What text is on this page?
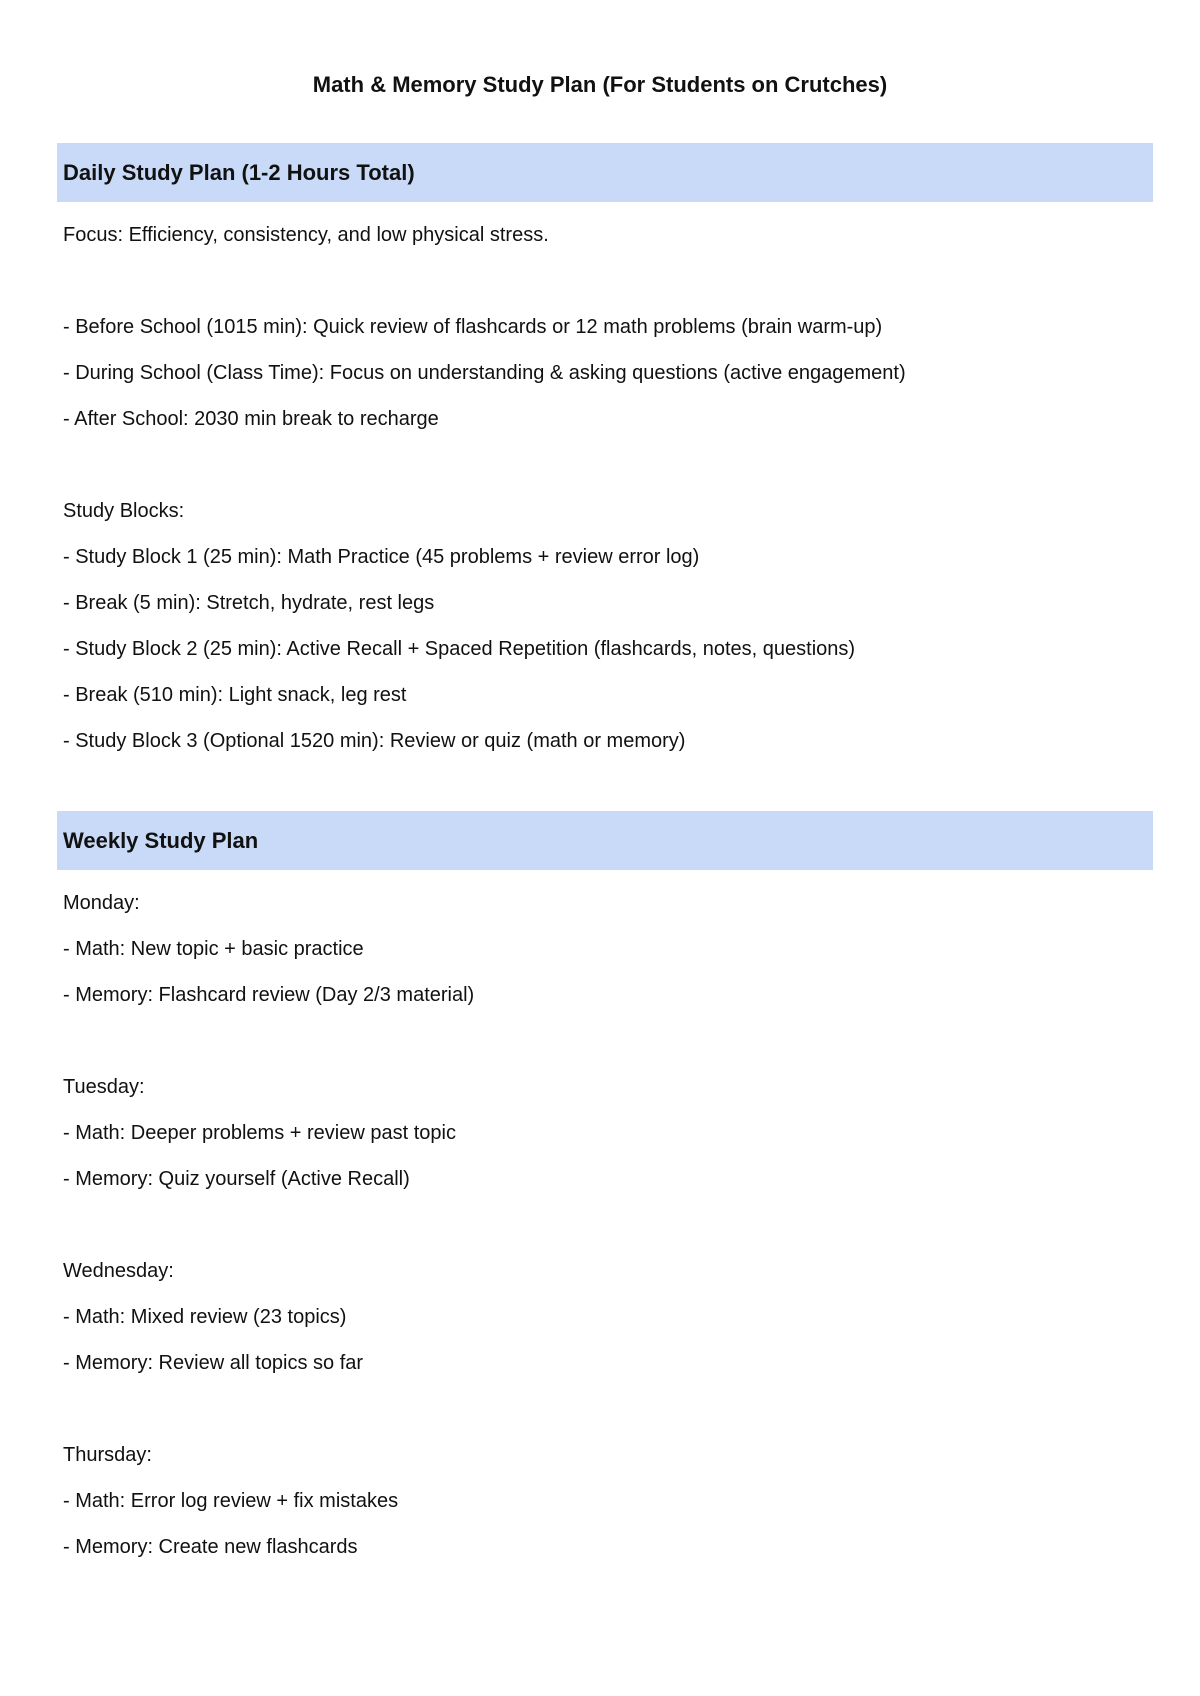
Math & Memory Study Plan (For Students on Crutches)
Daily Study Plan (1-2 Hours Total)
Focus: Efficiency, consistency, and low physical stress.
- Before School (1015 min): Quick review of flashcards or 12 math problems (brain warm-up)
- During School (Class Time): Focus on understanding & asking questions (active engagement)
- After School: 2030 min break to recharge
Study Blocks:
- Study Block 1 (25 min): Math Practice (45 problems + review error log)
- Break (5 min): Stretch, hydrate, rest legs
- Study Block 2 (25 min): Active Recall + Spaced Repetition (flashcards, notes, questions)
- Break (510 min): Light snack, leg rest
- Study Block 3 (Optional 1520 min): Review or quiz (math or memory)
Weekly Study Plan
Monday:
- Math: New topic + basic practice
- Memory: Flashcard review (Day 2/3 material)
Tuesday:
- Math: Deeper problems + review past topic
- Memory: Quiz yourself (Active Recall)
Wednesday:
- Math: Mixed review (23 topics)
- Memory: Review all topics so far
Thursday:
- Math: Error log review + fix mistakes
- Memory: Create new flashcards
